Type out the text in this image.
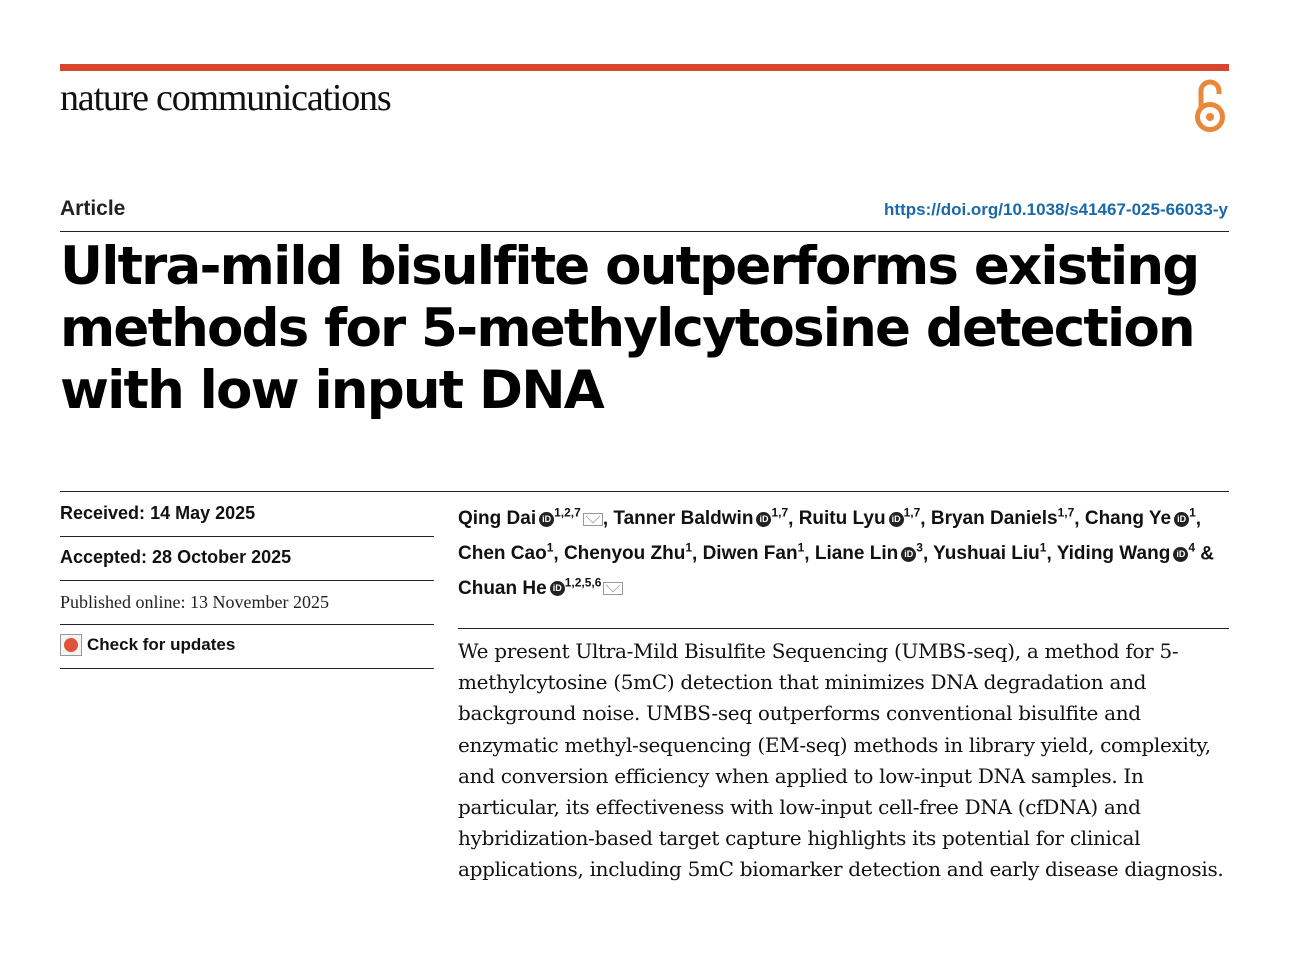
nature communications
Article	https://doi.org/10.1038/s41467-025-66033-y
Ultra-mild bisulfite outperforms existing methods for 5-methylcytosine detection with low input DNA
Received: 14 May 2025
Accepted: 28 October 2025
Published online: 13 November 2025
Check for updates
Qing Dai iD $^{1,2,7}$ , Tanner Baldwin iD $^{1,7}$, Ruitu Lyu iD $^{1,7}$, Bryan Daniels$^{1,7}$, Chang Ye iD $^1$, Chen Cao$^1$, Chenyou Zhu$^1$, Diwen Fan$^1$, Liane Lin iD $^3$, Yushuai Liu$^1$, Yiding Wang iD $^4$ & Chuan He iD $^{1,2,5,6}$

We present Ultra-Mild Bisulfite Sequencing (UMBS-seq), a method for 5-methylcytosine (5mC) detection that minimizes DNA degradation and background noise. UMBS-seq outperforms conventional bisulfite and enzymatic methyl-sequencing (EM-seq) methods in library yield, complexity, and conversion efficiency when applied to low-input DNA samples. In particular, its effectiveness with low-input cell-free DNA (cfDNA) and hybridization-based target capture highlights its potential for clinical applications, including 5mC biomarker detection and early disease diagnosis.
